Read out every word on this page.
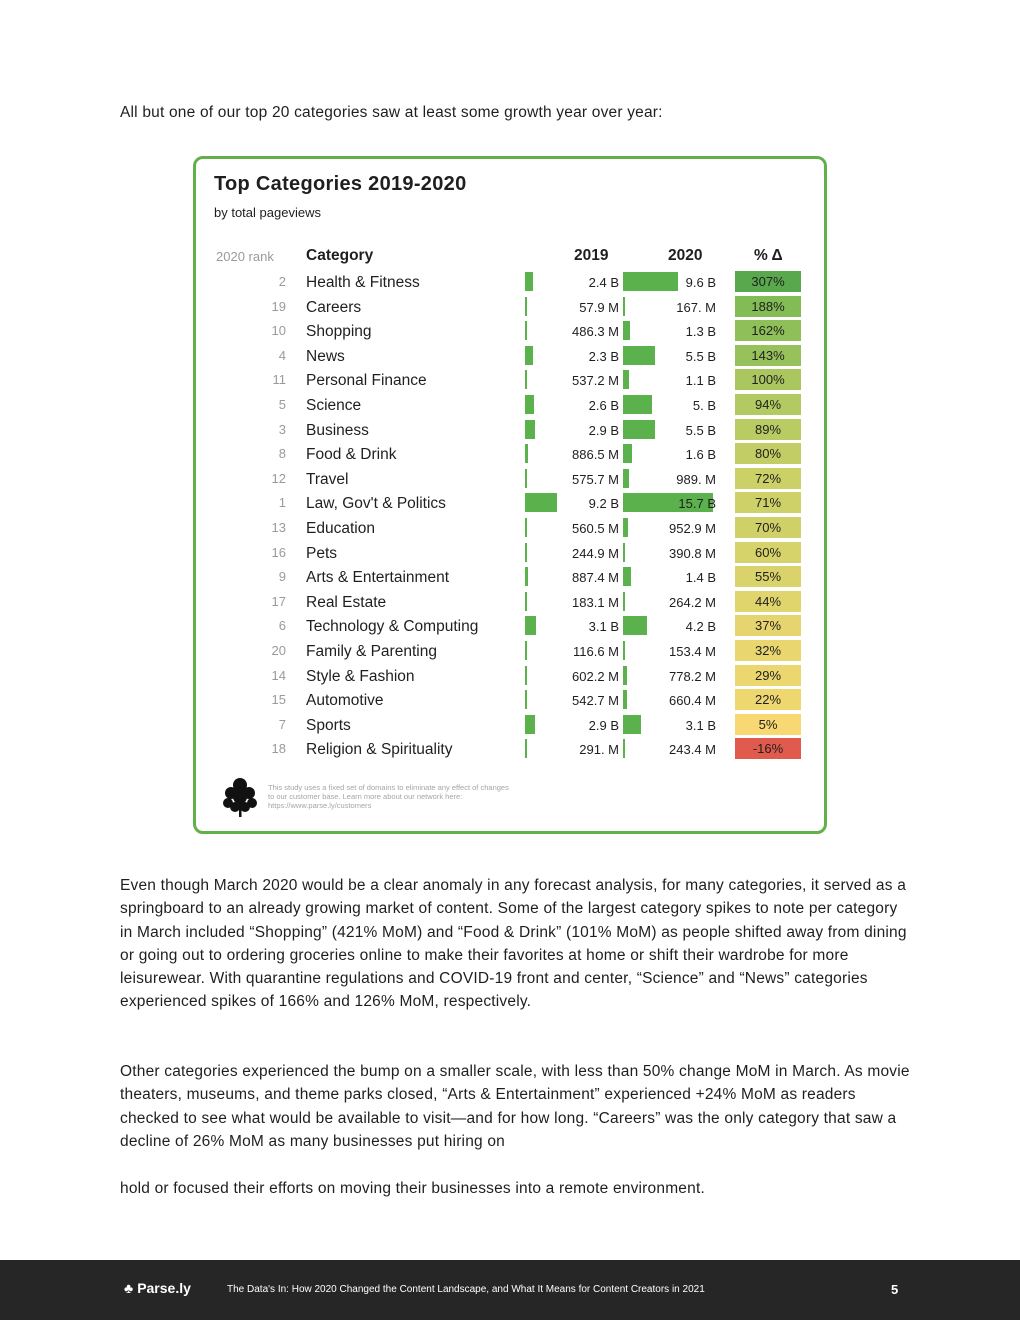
All but one of our top 20 categories saw at least some growth year over year:
Top Categories 2019-2020
by total pageviews
2020 rank Category	2019	2020	% Δ
2 Health & Fitness	2.4 B	9.6 B	307%
19 Careers	57.9 M	167. M	188%
10 Shopping	486.3 M	1.3 B	162%
4 News	2.3 B	5.5 B	143%
11 Personal Finance	537.2 M	1.1 B	100%
5 Science	2.6 B	5. B	94%
3 Business	2.9 B	5.5 B	89%
8 Food & Drink	886.5 M	1.6 B	80%
12 Travel	575.7 M	989. M	72%
1 Law, Gov't & Politics	9.2 B	15.7 B	71%
13 Education	560.5 M	952.9 M	70%
16 Pets	244.9 M	390.8 M	60%
9 Arts & Entertainment	887.4 M	1.4 B	55%
17 Real Estate	183.1 M	264.2 M	44%
6 Technology & Computing	3.1 B	4.2 B	37%
20 Family & Parenting	116.6 M	153.4 M	32%
14 Style & Fashion	602.2 M	778.2 M	29%
15 Automotive	542.7 M	660.4 M	22%
7 Sports	2.9 B	3.1 B	5%
18 Religion & Spirituality	291. M	243.4 M	-16%
This study uses a fixed set of domains to eliminate any effect of changes
to our customer base. Learn more about our network here:
https://www.parse.ly/customers
Even though March 2020 would be a clear anomaly in any forecast analysis, for many categories, it served as a springboard to an already growing market of content. Some of the largest category spikes to note per category in March included “Shopping” (421% MoM) and “Food & Drink” (101% MoM) as people shifted away from dining or going out to ordering groceries online to make their favorites at home or shift their wardrobe for more leisurewear. With quarantine regulations and COVID-19 front and center, “Science” and “News” categories experienced spikes of 166% and 126% MoM, respectively.
Other categories experienced the bump on a smaller scale, with less than 50% change MoM in March. As movie theaters, museums, and theme parks closed, “Arts & Entertainment” experienced +24% MoM as readers checked to see what would be available to visit—and for how long. “Careers” was the only category that saw a decline of 26% MoM as many businesses put hiring on
hold or focused their efforts on moving their businesses into a remote environment.
♣ Parse.ly	The Data's In: How 2020 Changed the Content Landscape, and What It Means for Content Creators in 2021	5
